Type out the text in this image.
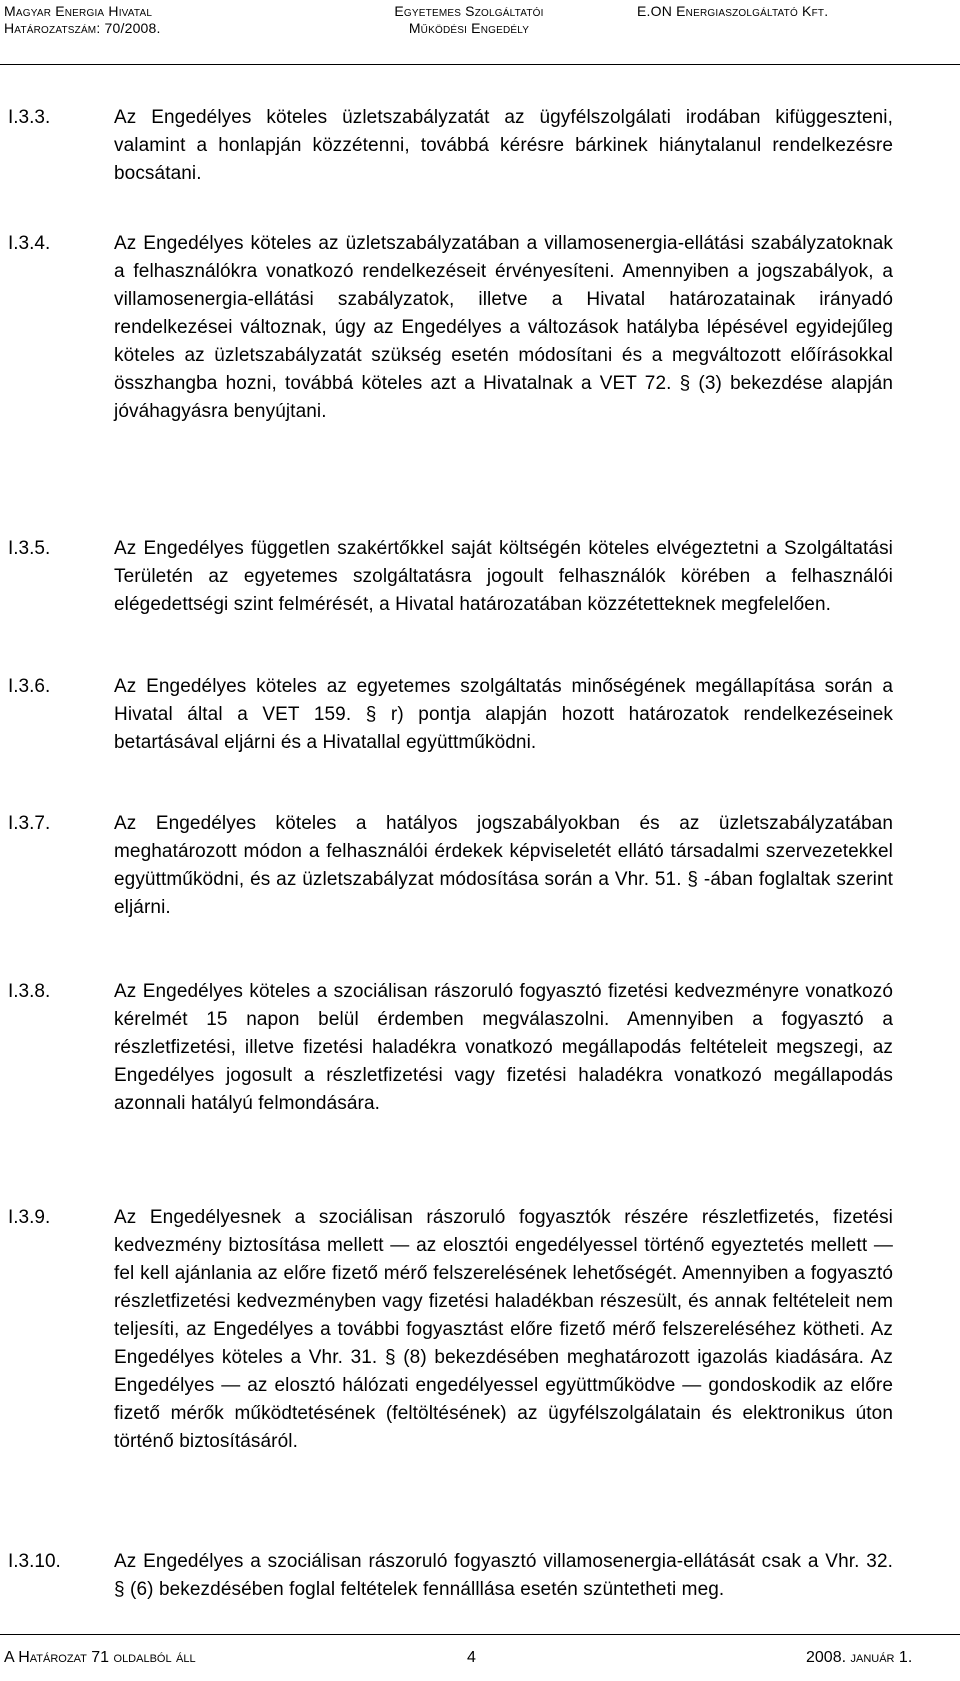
Magyar Energia Hivatal
Határozatszám: 70/2008.
Egyetemes Szolgáltatói
Működési Engedély
E.ON Energiaszolgáltató Kft.
I.3.3.	Az Engedélyes köteles üzletszabályzatát az ügyfélszolgálati irodában kifüggeszteni, valamint a honlapján közzétenni, továbbá kérésre bárkinek hiánytalanul rendelkezésre bocsátani.
I.3.4.	Az Engedélyes köteles az üzletszabályzatában a villamosenergia-ellátási szabályzatoknak a felhasználókra vonatkozó rendelkezéseit érvényesíteni. Amennyiben a jogszabályok, a villamosenergia-ellátási szabályzatok, illetve a Hivatal határozatainak irányadó rendelkezései változnak, úgy az Engedélyes a változások hatályba lépésével egyidejűleg köteles az üzletszabályzatát szükség esetén módosítani és a megváltozott előírásokkal összhangba hozni, továbbá köteles azt a Hivatalnak a VET 72. § (3) bekezdése alapján jóváhagyásra benyújtani.
I.3.5.	Az Engedélyes független szakértőkkel saját költségén köteles elvégeztetni a Szolgáltatási Területén az egyetemes szolgáltatásra jogoult felhasználók körében a felhasználói elégedettségi szint felmérését, a Hivatal határozatában közzétetteknek megfelelően.
I.3.6.	Az Engedélyes köteles az egyetemes szolgáltatás minőségének megállapítása során a Hivatal által a VET 159. § r) pontja alapján hozott határozatok rendelkezéseinek betartásával eljárni és a Hivatallal együttműködni.
I.3.7.	Az Engedélyes köteles a hatályos jogszabályokban és az üzletszabályzatában meghatározott módon a felhasználói érdekek képviseletét ellátó társadalmi szervezetekkel együttműködni, és az üzletszabályzat módosítása során a Vhr. 51. § -ában foglaltak szerint eljárni.
I.3.8.	Az Engedélyes köteles a szociálisan rászoruló fogyasztó fizetési kedvezményre vonatkozó kérelmét 15 napon belül érdemben megválaszolni. Amennyiben a fogyasztó a részletfizetési, illetve fizetési haladékra vonatkozó megállapodás feltételeit megszegi, az Engedélyes jogosult a részletfizetési vagy fizetési haladékra vonatkozó megállapodás azonnali hatályú felmondására.
I.3.9.	Az Engedélyesnek a szociálisan rászoruló fogyasztók részére részletfizetés, fizetési kedvezmény biztosítása mellett — az elosztói engedélyessel történő egyeztetés mellett — fel kell ajánlania az előre fizető mérő felszerelésének lehetőségét. Amennyiben a fogyasztó részletfizetési kedvezményben vagy fizetési haladékban részesült, és annak feltételeit nem teljesíti, az Engedélyes a további fogyasztást előre fizető mérő felszereléséhez kötheti. Az Engedélyes köteles a Vhr. 31. § (8) bekezdésében meghatározott igazolás kiadására. Az Engedélyes — az elosztó hálózati engedélyessel együttműködve — gondoskodik az előre fizető mérők működtetésének (feltöltésének) az ügyfélszolgálatain és elektronikus úton történő biztosításáról.
I.3.10.	Az Engedélyes a szociálisan rászoruló fogyasztó villamosenergia-ellátását csak a Vhr. 32. § (6) bekezdésében foglal feltételek fennálllása esetén szüntetheti meg.
A Határozat 71 oldalból áll	4	2008. január 1.
